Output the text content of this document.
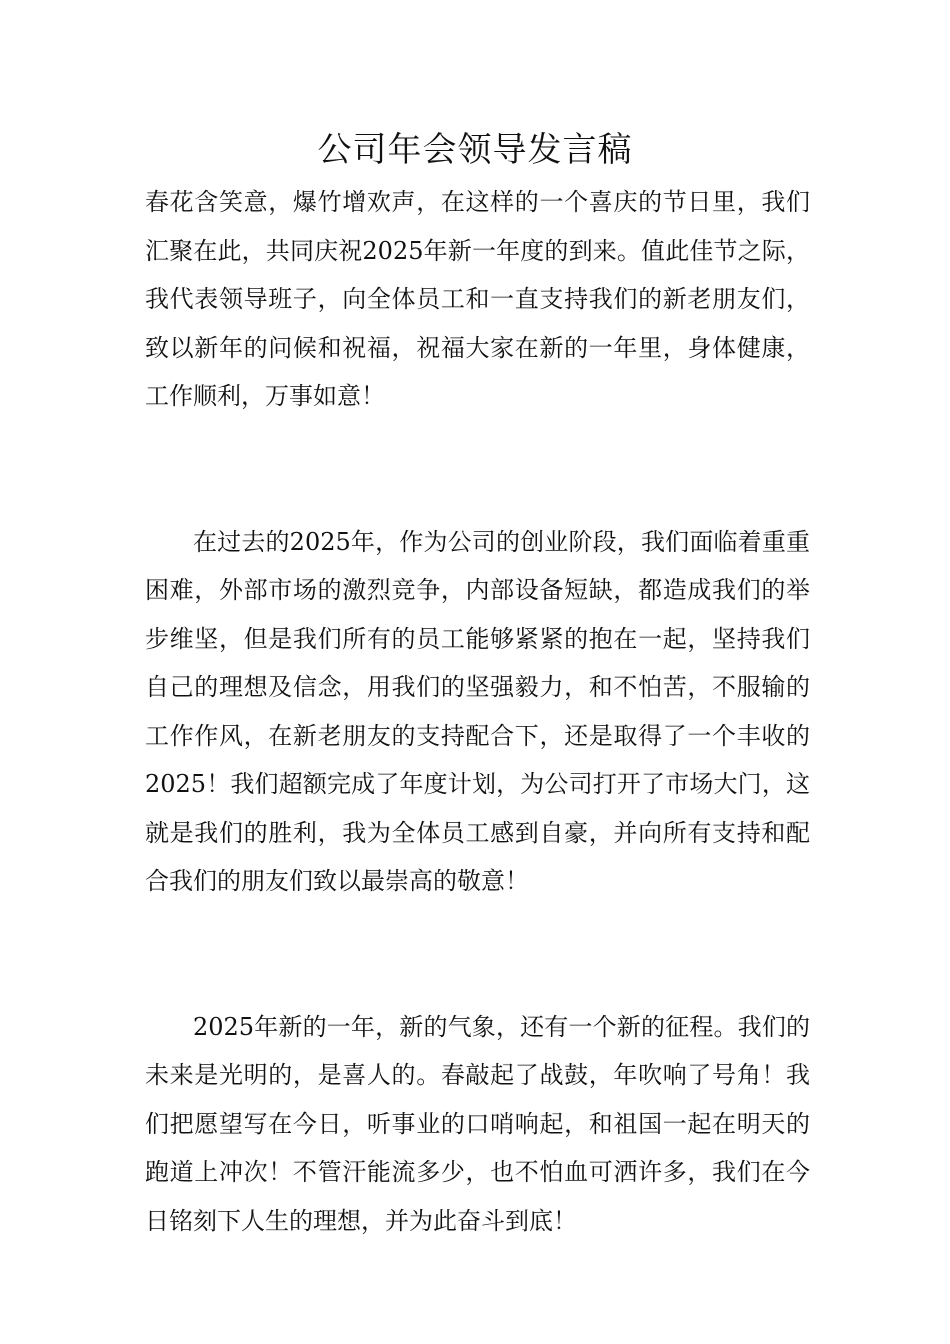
公司年会领导发言稿

春花含笑意，爆竹增欢声，在这样的一个喜庆的节日里，我们汇聚在此，共同庆祝2025年新一年度的到来。值此佳节之际，我代表领导班子，向全体员工和一直支持我们的新老朋友们，致以新年的问候和祝福，祝福大家在新的一年里，身体健康，工作顺利，万事如意！

在过去的2025年，作为公司的创业阶段，我们面临着重重困难，外部市场的激烈竞争，内部设备短缺，都造成我们的举步维坚，但是我们所有的员工能够紧紧的抱在一起，坚持我们自己的理想及信念，用我们的坚强毅力，和不怕苦，不服输的工作作风，在新老朋友的支持配合下，还是取得了一个丰收的2025！我们超额完成了年度计划，为公司打开了市场大门，这就是我们的胜利，我为全体员工感到自豪，并向所有支持和配合我们的朋友们致以最崇高的敬意！

2025年新的一年，新的气象，还有一个新的征程。我们的未来是光明的，是喜人的。春敲起了战鼓，年吹响了号角！我们把愿望写在今日，听事业的口哨响起，和祖国一起在明天的跑道上冲次！不管汗能流多少，也不怕血可洒许多，我们在今日铭刻下人生的理想，并为此奋斗到底！
